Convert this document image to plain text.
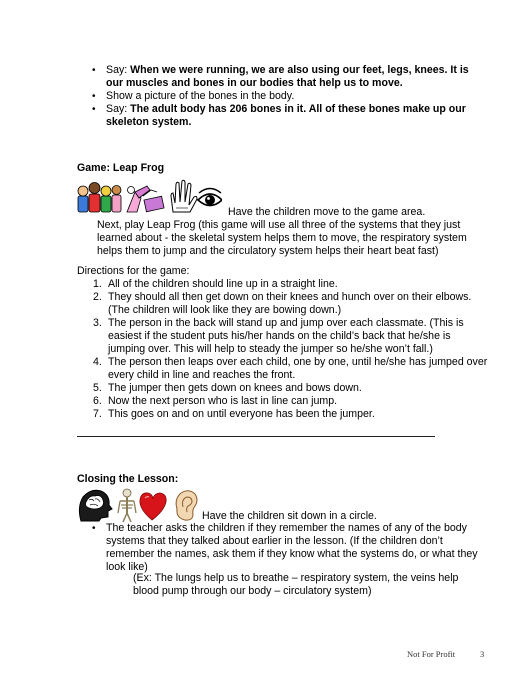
• Say: When we were running, we are also using our feet, legs, knees. It is
our muscles and bones in our bodies that help us to move.
• Show a picture of the bones in the body.
• Say: The adult body has 206 bones in it. All of these bones make up our
skeleton system.
Game: Leap Frog
Have the children move to the game area.
Next, play Leap Frog (this game will use all three of the systems that they just
learned about - the skeletal system helps them to move, the respiratory system
helps them to jump and the circulatory system helps their heart beat fast)
Directions for the game:
1. All of the children should line up in a straight line.
2. They should all then get down on their knees and hunch over on their elbows.
(The children will look like they are bowing down.)
3. The person in the back will stand up and jump over each classmate. (This is
easiest if the student puts his/her hands on the child’s back that he/she is
jumping over. This will help to steady the jumper so he/she won’t fall.)
4. The person then leaps over each child, one by one, until he/she has jumped over
every child in line and reaches the front.
5. The jumper then gets down on knees and bows down.
6. Now the next person who is last in line can jump.
7. This goes on and on until everyone has been the jumper.
Closing the Lesson:
Have the children sit down in a circle.
• The teacher asks the children if they remember the names of any of the body
systems that they talked about earlier in the lesson. (If the children don’t
remember the names, ask them if they know what the systems do, or what they
look like)
(Ex: The lungs help us to breathe – respiratory system, the veins help
blood pump through our body – circulatory system)
Not For Profit	3
